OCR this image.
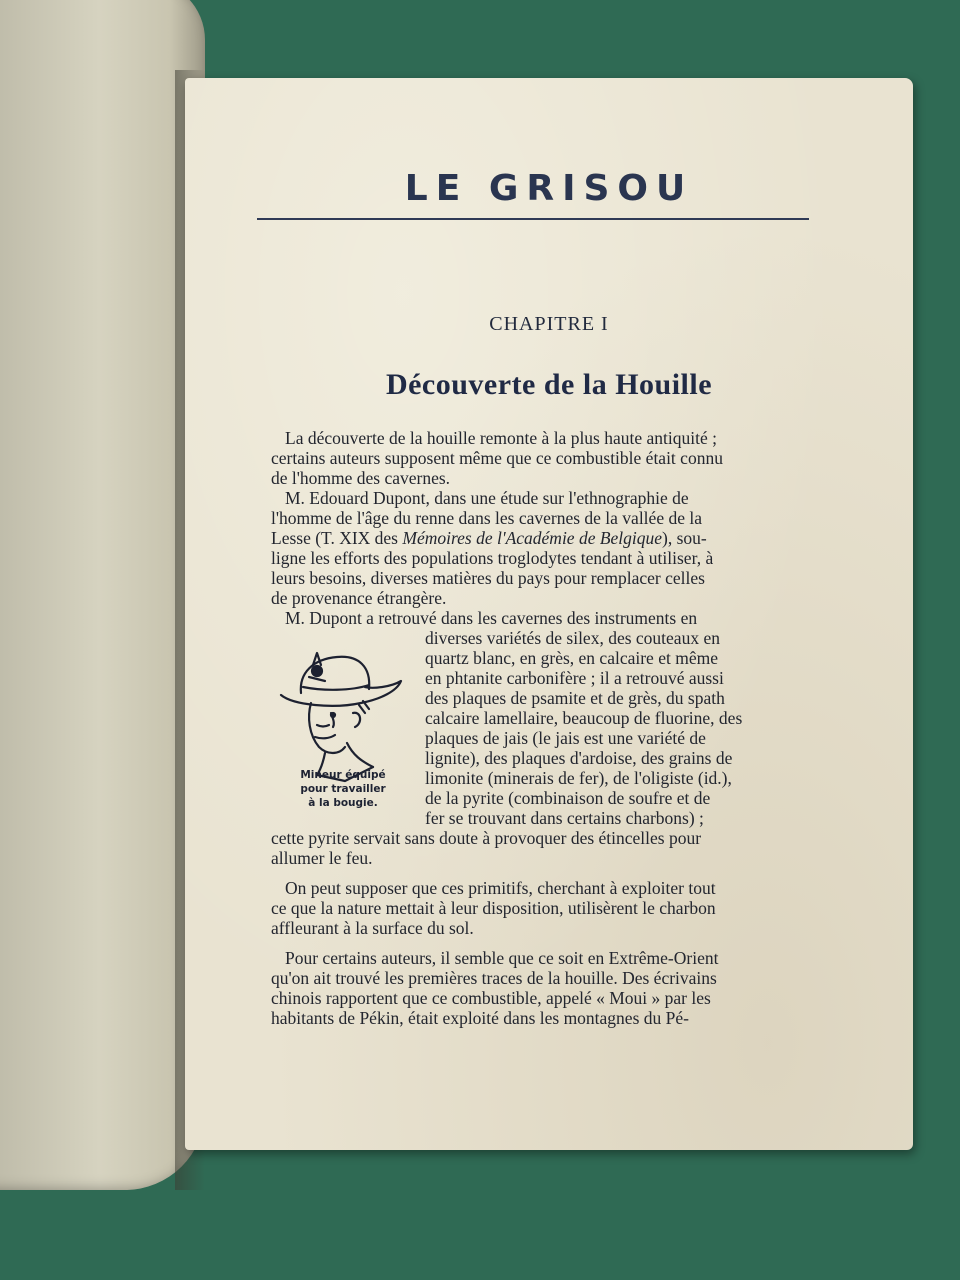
LE GRISOU
CHAPITRE I
Découverte de la Houille
La découverte de la houille remonte à la plus haute antiquité ;
certains auteurs supposent même que ce combustible était connu
de l'homme des cavernes.
M. Edouard Dupont, dans une étude sur l'ethnographie de
l'homme de l'âge du renne dans les cavernes de la vallée de la
Lesse (T. XIX des Mémoires de l'Académie de Belgique), sou-
ligne les efforts des populations troglodytes tendant à utiliser, à
leurs besoins, diverses matières du pays pour remplacer celles
de provenance étrangère.
M. Dupont a retrouvé dans les cavernes des instruments en
diverses variétés de silex, des couteaux en
quartz blanc, en grès, en calcaire et même
en phtanite carbonifère ; il a retrouvé aussi
des plaques de psamite et de grès, du spath
calcaire lamellaire, beaucoup de fluorine, des
plaques de jais (le jais est une variété de
lignite), des plaques d'ardoise, des grains de
limonite (minerais de fer), de l'oligiste (id.),
de la pyrite (combinaison de soufre et de
fer se trouvant dans certains charbons) ;
cette pyrite servait sans doute à provoquer des étincelles pour
allumer le feu.
On peut supposer que ces primitifs, cherchant à exploiter tout
ce que la nature mettait à leur disposition, utilisèrent le charbon
affleurant à la surface du sol.
Pour certains auteurs, il semble que ce soit en Extrême-Orient
qu'on ait trouvé les premières traces de la houille. Des écrivains
chinois rapportent que ce combustible, appelé « Moui » par les
habitants de Pékin, était exploité dans les montagnes du Pé-
Mineur équipé
pour travailler
à la bougie.
